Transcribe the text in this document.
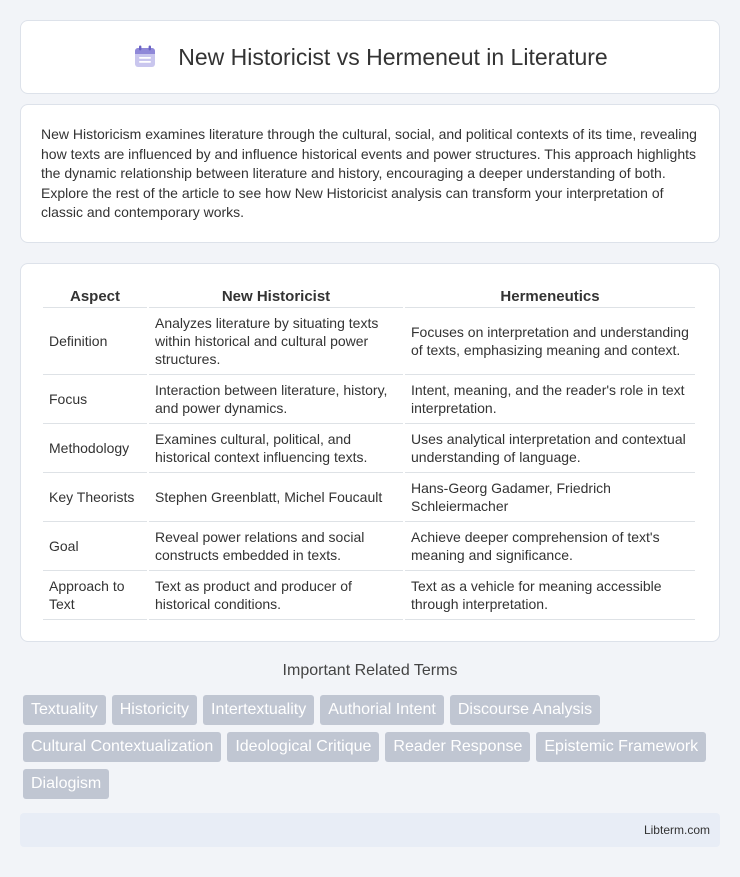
New Historicist vs Hermeneut in Literature

New Historicism examines literature through the cultural, social, and political contexts of its time, revealing how texts are influenced by and influence historical events and power structures. This approach highlights the dynamic relationship between literature and history, encouraging a deeper understanding of both. Explore the rest of the article to see how New Historicist analysis can transform your interpretation of classic and contemporary works.

Aspect	New Historicist	Hermeneutics
Definition	Analyzes literature by situating texts within historical and cultural power structures.	Focuses on interpretation and understanding of texts, emphasizing meaning and context.
Focus	Interaction between literature, history, and power dynamics.	Intent, meaning, and the reader's role in text interpretation.
Methodology	Examines cultural, political, and historical context influencing texts.	Uses analytical interpretation and contextual understanding of language.
Key Theorists	Stephen Greenblatt, Michel Foucault	Hans-Georg Gadamer, Friedrich Schleiermacher
Goal	Reveal power relations and social constructs embedded in texts.	Achieve deeper comprehension of text's meaning and significance.
Approach to Text	Text as product and producer of historical conditions.	Text as a vehicle for meaning accessible through interpretation.
Important Related Terms
Textuality	Historicity	Intertextuality	Authorial Intent	Discourse Analysis
Cultural Contextualization	Ideological Critique	Reader Response	Epistemic Framework
Dialogism
Libterm.com
